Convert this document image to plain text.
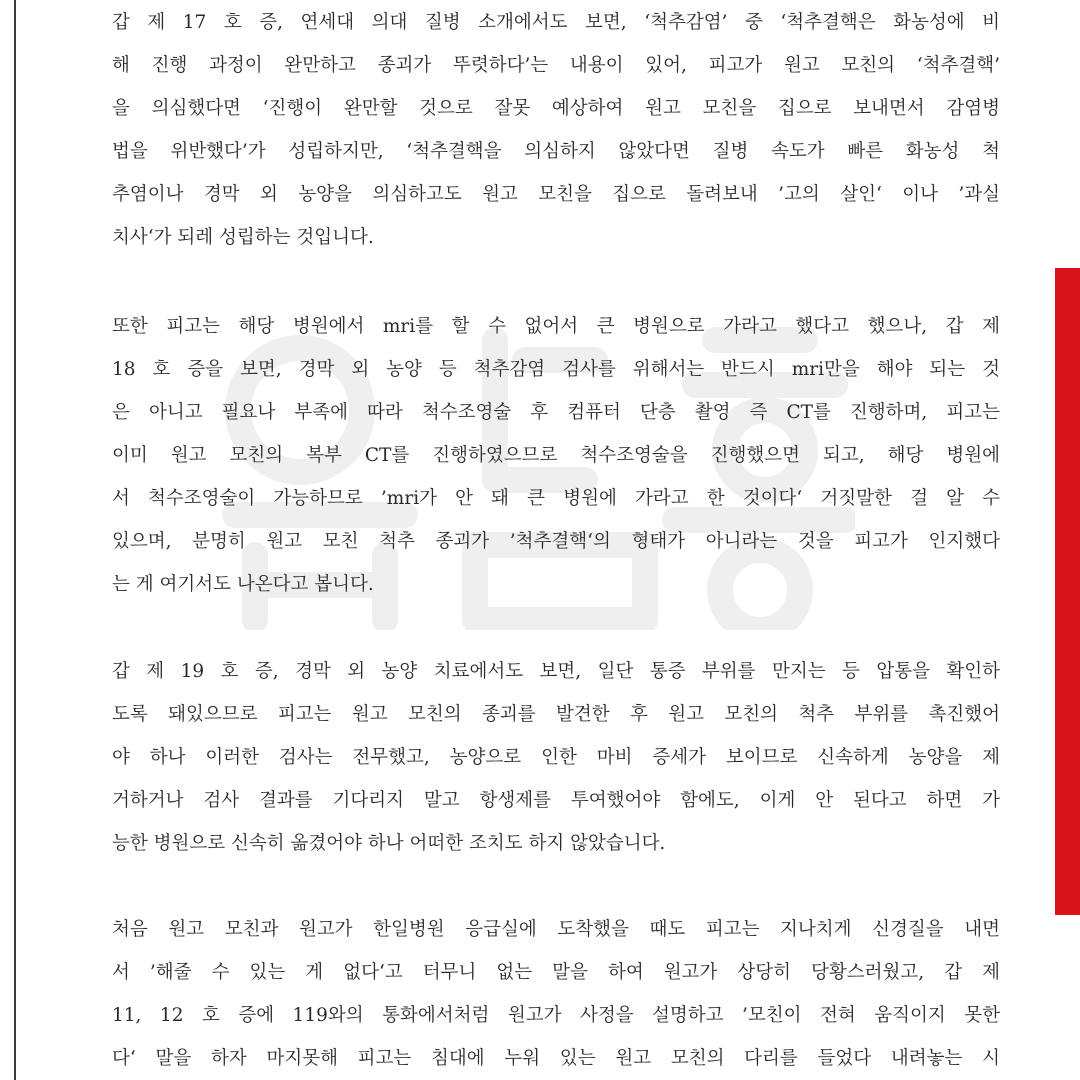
갑 제 17 호 증, 연세대 의대 질병 소개에서도 보면, ‘척추감염’ 중 ‘척추결핵은 화농성에 비
해 진행 과정이 완만하고 종괴가 뚜렷하다’는 내용이 있어, 피고가 원고 모친의 ‘척추결핵’
을 의심했다면 ‘진행이 완만할 것으로 잘못 예상하여 원고 모친을 집으로 보내면서 감염병
법을 위반했다’가 성립하지만, ‘척추결핵을 의심하지 않았다면 질병 속도가 빠른 화농성 척
추염이나 경막 외 농양을 의심하고도 원고 모친을 집으로 돌려보내 ’고의 살인‘ 이나 ’과실
치사‘가 되레 성립하는 것입니다.
또한 피고는 해당 병원에서 mri를 할 수 없어서 큰 병원으로 가라고 했다고 했으나, 갑 제
18 호 증을 보면, 경막 외 농양 등 척추감염 검사를 위해서는 반드시 mri만을 해야 되는 것
은 아니고 필요나 부족에 따라 척수조영술 후 컴퓨터 단층 촬영 즉 CT를 진행하며, 피고는
이미 원고 모친의 복부 CT를 진행하였으므로 척수조영술을 진행했으면 되고, 해당 병원에
서 척수조영술이 가능하므로 ’mri가 안 돼 큰 병원에 가라고 한 것이다‘ 거짓말한 걸 알 수
있으며, 분명히 원고 모친 척추 종괴가 ’척추결핵‘의 형태가 아니라는 것을 피고가 인지했다
는 게 여기서도 나온다고 봅니다.
갑 제 19 호 증, 경막 외 농양 치료에서도 보면, 일단 통증 부위를 만지는 등 압통을 확인하
도록 돼있으므로 피고는 원고 모친의 종괴를 발견한 후 원고 모친의 척추 부위를 촉진했어
야 하나 이러한 검사는 전무했고, 농양으로 인한 마비 증세가 보이므로 신속하게 농양을 제
거하거나 검사 결과를 기다리지 말고 항생제를 투여했어야 함에도, 이게 안 된다고 하면 가
능한 병원으로 신속히 옮겼어야 하나 어떠한 조치도 하지 않았습니다.
처음 원고 모친과 원고가 한일병원 응급실에 도착했을 때도 피고는 지나치게 신경질을 내면
서 ’해줄 수 있는 게 없다‘고 터무니 없는 말을 하여 원고가 상당히 당황스러웠고, 갑 제
11, 12 호 증에 119와의 통화에서처럼 원고가 사정을 설명하고 ’모친이 전혀 움직이지 못한
다‘ 말을 하자 마지못해 피고는 침대에 누워 있는 원고 모친의 다리를 들었다 내려놓는 시
